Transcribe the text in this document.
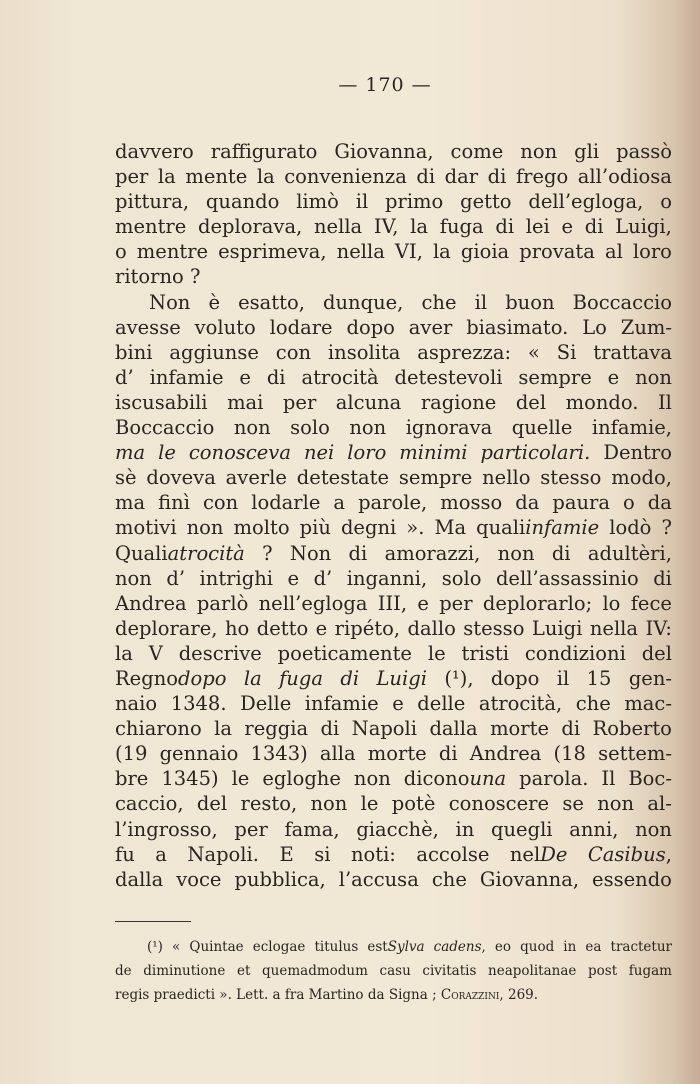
— 170 —
davvero raffigurato Giovanna, come non gli passò
per la mente la convenienza di dar di frego all’odiosa
pittura, quando limò il primo getto dell’egloga, o
mentre deplorava, nella IV, la fuga di lei e di Luigi,
o mentre esprimeva, nella VI, la gioia provata al loro
ritorno ?
Non è esatto, dunque, che il buon Boccaccio
avesse voluto lodare dopo aver biasimato. Lo Zum-
bini aggiunse con insolita asprezza: « Si trattava
d’ infamie e di atrocità detestevoli sempre e non
iscusabili mai per alcuna ragione del mondo. Il
Boccaccio non solo non ignorava quelle infamie,
ma le conosceva nei loro minimi particolari. Dentro
sè doveva averle detestate sempre nello stesso modo,
ma finì con lodarle a parole, mosso da paura o da
motivi non molto più degni ». Ma qualiinfamie lodò ?
Qualiatrocità ? Non di amorazzi, non di adultèri,
non d’ intrighi e d’ inganni, solo dell’assassinio di
Andrea parlò nell’egloga III, e per deplorarlo; lo fece
deplorare, ho detto e ripéto, dallo stesso Luigi nella IV:
la V descrive poeticamente le tristi condizioni del
Regnodopo la fuga di Luigi (¹), dopo il 15 gen-
naio 1348. Delle infamie e delle atrocità, che mac-
chiarono la reggia di Napoli dalla morte di Roberto
(19 gennaio 1343) alla morte di Andrea (18 settem-
bre 1345) le egloghe non diconouna parola. Il Boc-
caccio, del resto, non le potè conoscere se non al-
l’ingrosso, per fama, giacchè, in quegli anni, non
fu a Napoli. E si noti: accolse nelDe Casibus,
dalla voce pubblica, l’accusa che Giovanna, essendo
(¹) « Quintae eclogae titulus estSylva cadens, eo quod in ea tractetur
de diminutione et quemadmodum casu civitatis neapolitanae post fugam
regis praedicti ». Lett. a fra Martino da Signa ; Corazzini , 269.
